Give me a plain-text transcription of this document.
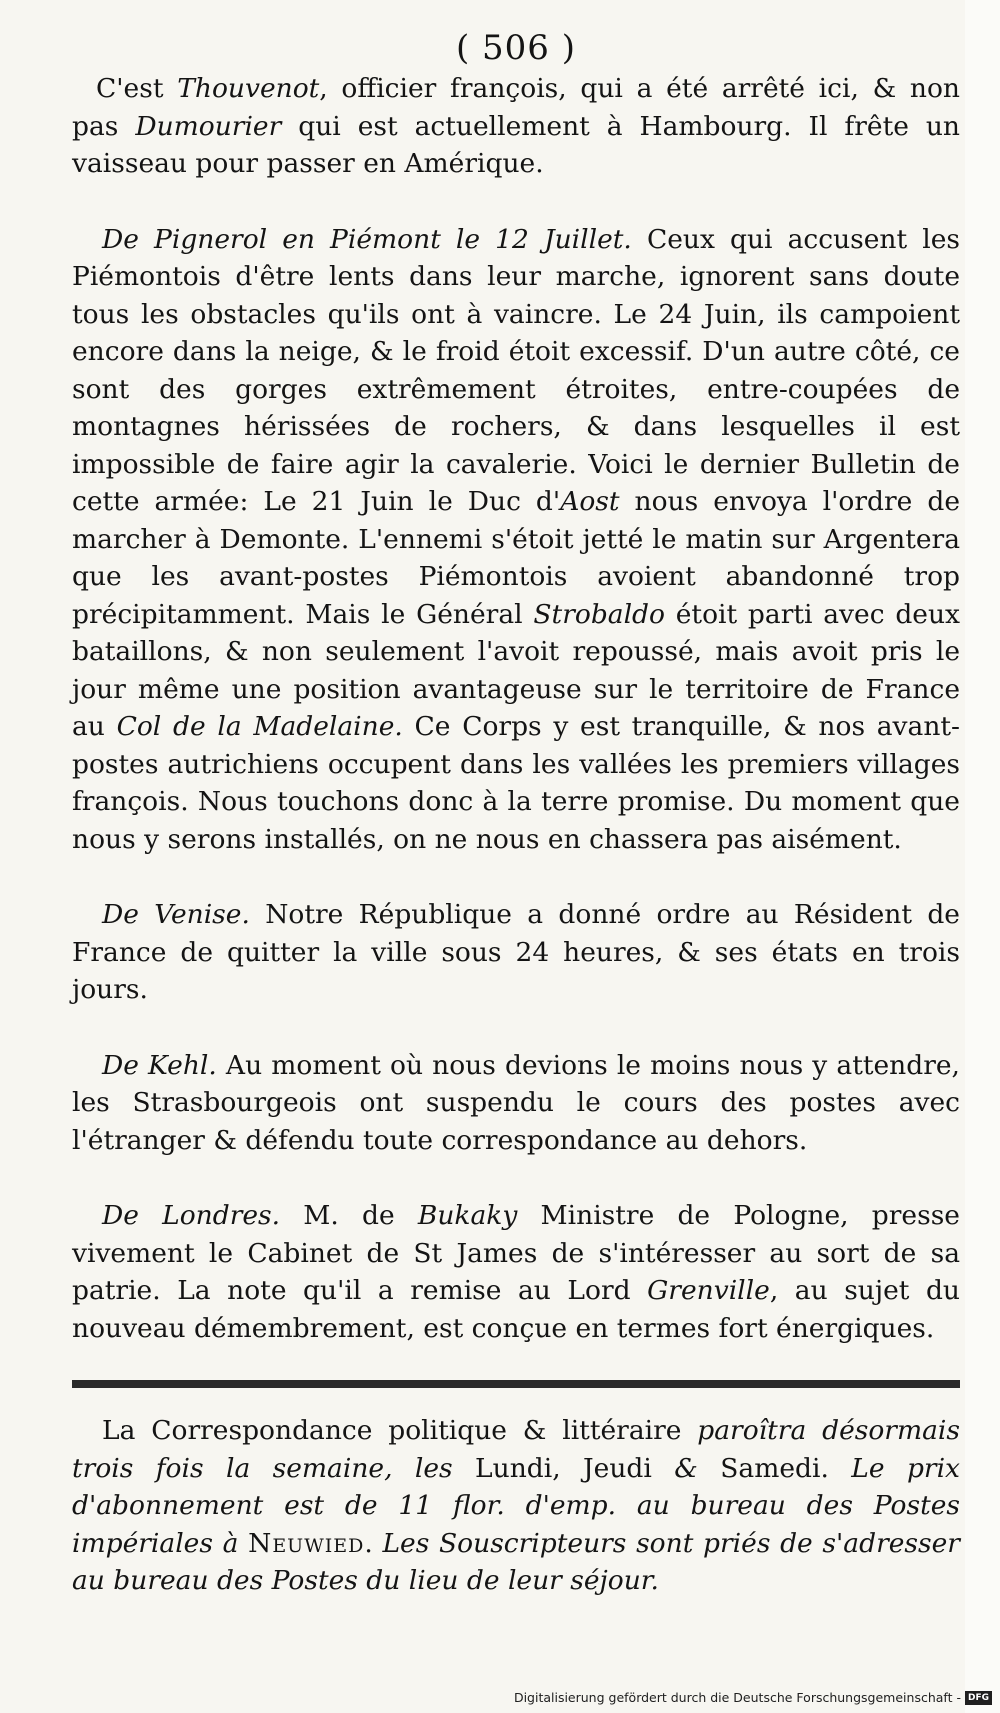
( 506 )

C'est Thouvenot, officier françois, qui a été arrêté ici, & non pas Dumourier qui est actuellement à Hambourg. Il frête un vaisseau pour passer en Amérique.

De Pignerol en Piémont le 12 Juillet. Ceux qui accusent les Piémontois d'être lents dans leur marche, ignorent sans doute tous les obstacles qu'ils ont à vaincre. Le 24 Juin, ils campoient encore dans la neige, & le froid étoit excessif. D'un autre côté, ce sont des gorges extrêmement étroites, entre-coupées de montagnes hérissées de rochers, & dans lesquelles il est impossible de faire agir la cavalerie. Voici le dernier Bulletin de cette armée: Le 21 Juin le Duc d'Aost nous envoya l'ordre de marcher à Demonte. L'ennemi s'étoit jetté le matin sur Argentera que les avant-postes Piémontois avoient abandonné trop précipitamment. Mais le Général Strobaldo étoit parti avec deux bataillons, & non seulement l'avoit repoussé, mais avoit pris le jour même une position avantageuse sur le territoire de France au Col de la Madelaine. Ce Corps y est tranquille, & nos avant-postes autrichiens occupent dans les vallées les premiers villages françois. Nous touchons donc à la terre promise. Du moment que nous y serons installés, on ne nous en chassera pas aisément.

De Venise. Notre République a donné ordre au Résident de France de quitter la ville sous 24 heures, & ses états en trois jours.

De Kehl. Au moment où nous devions le moins nous y attendre, les Strasbourgeois ont suspendu le cours des postes avec l'étranger & défendu toute correspondance au dehors.

De Londres. M. de Bukaky Ministre de Pologne, presse vivement le Cabinet de St James de s'intéresser au sort de sa patrie. La note qu'il a remise au Lord Grenville, au sujet du nouveau démembrement, est conçue en termes fort énergiques.

La Correspondance politique & littéraire paroîtra désormais trois fois la semaine, les Lundi, Jeudi & Samedi. Le prix d'abonnement est de 11 flor. d'emp. au bureau des Postes impériales à Neuwied. Les Souscripteurs sont priés de s'adresser au bureau des Postes du lieu de leur séjour.

Digitalisierung gefördert durch die Deutsche Forschungsgemeinschaft - DFG
